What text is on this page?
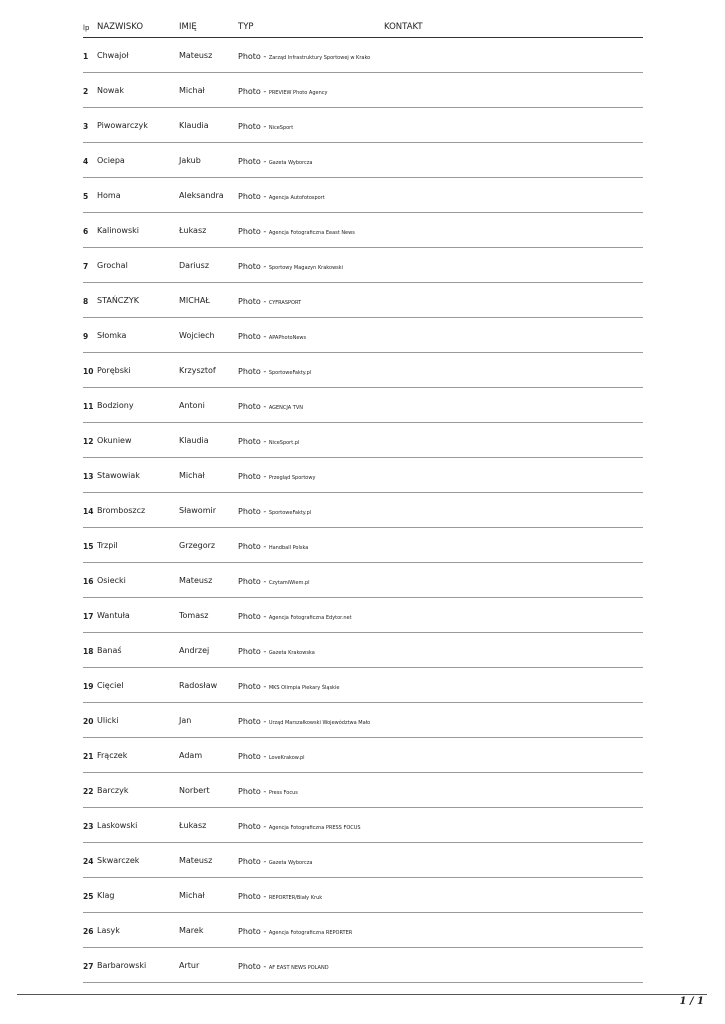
lp NAZWISKO	IMIĘ	TYP	KONTAKT
1 Chwajoł	Mateusz	Photo - Zarząd Infrastruktury Sportowej w Krako
2 Nowak	Michał	Photo - PREVIEW Photo Agency
3 Piwowarczyk	Klaudia	Photo - NiceSport
4 Ociepa	Jakub	Photo - Gazeta Wyborcza
5 Homa	Aleksandra Photo - Agencja Autofotosport
6 Kalinowski	Łukasz	Photo - Agencja Fotograficzna Eeast News
7 Grochal	Dariusz	Photo - Sportowy Magazyn Krakowski
8 STAŃCZYK	MICHAŁ	Photo - CYFRASPORT
9 Słomka	Wojciech	Photo - APAPhotoNews
10 Porębski	Krzysztof	Photo - SportoweFakty.pl
11 Bodziony	Antoni	Photo - AGENCJA TVN
12 Okuniew	Klaudia	Photo - NiceSport.pl
13 Stawowiak	Michał	Photo - Przegląd Sportowy
14 Bromboszcz	Sławomir	Photo - SportoweFakty.pl
15 Trzpil	Grzegorz	Photo - Handball Polska
16 Osiecki	Mateusz	Photo - CzytamiWiem.pl
17 Wantuła	Tomasz	Photo - Agencja Fotograficzna Edytor.net
18 Banaś	Andrzej	Photo - Gazeta Krakowska
19 Cięciel	Radosław	Photo - MKS Olimpia Piekary Śląskie
20 Ulicki	Jan	Photo - Urząd Marszałkowski Województwa Mało
21 Frączek	Adam	Photo - LoveKrakow.pl
22 Barczyk	Norbert	Photo - Press Focus
23 Laskowski	Łukasz	Photo - Agencja Fotograficzna PRESS FOCUS
24 Skwarczek	Mateusz	Photo - Gazeta Wyborcza
25 Klag	Michał	Photo - REPORTER/Biały Kruk
26 Lasyk	Marek	Photo - Agencja Fotograficzna REPORTER
27 Barbarowski	Artur	Photo - AF EAST NEWS POLAND
1 / 1
